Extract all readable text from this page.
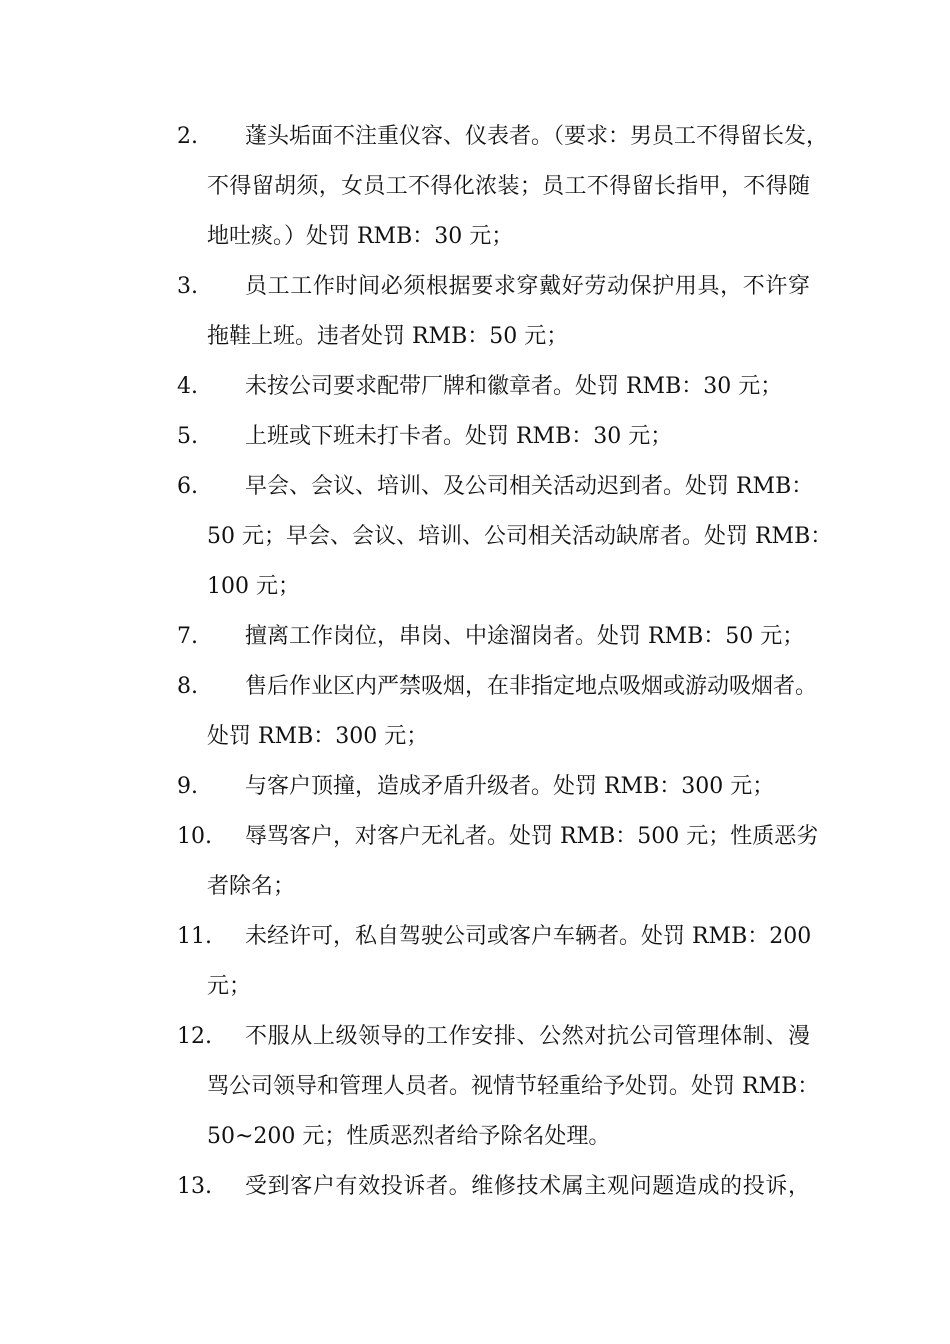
2.	蓬头垢面不注重仪容、仪表者。（要求：男员工不得留长发，
不得留胡须，女员工不得化浓装；员工不得留长指甲，不得随
地吐痰。）处罚 RMB：30 元；
3.	员工工作时间必须根据要求穿戴好劳动保护用具，不许穿
拖鞋上班。违者处罚 RMB：50 元；
4.	未按公司要求配带厂牌和徽章者。处罚 RMB：30 元；
5.	上班或下班未打卡者。处罚 RMB：30 元；
6.	早会、会议、培训、及公司相关活动迟到者。处罚 RMB：
50 元；早会、会议、培训、公司相关活动缺席者。处罚 RMB：
100 元；
7.	擅离工作岗位，串岗、中途溜岗者。处罚 RMB：50 元；
8.	售后作业区内严禁吸烟，在非指定地点吸烟或游动吸烟者。
处罚 RMB：300 元；
9.	与客户顶撞，造成矛盾升级者。处罚 RMB：300 元；
10.	辱骂客户，对客户无礼者。处罚 RMB：500 元；性质恶劣
者除名；
11.	未经许可，私自驾驶公司或客户车辆者。处罚 RMB：200
元；
12.	不服从上级领导的工作安排、公然对抗公司管理体制、漫
骂公司领导和管理人员者。视情节轻重给予处罚。处罚 RMB：
50~200 元；性质恶烈者给予除名处理。
13.	受到客户有效投诉者。维修技术属主观问题造成的投诉，
